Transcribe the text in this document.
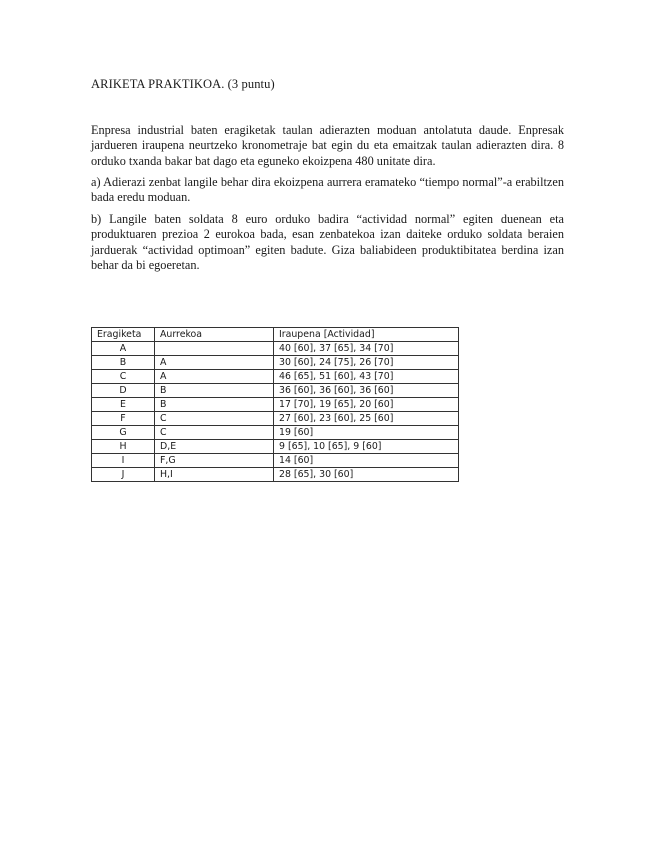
ARIKETA PRAKTIKOA. (3 puntu)

Enpresa industrial baten eragiketak taulan adierazten moduan antolatuta daude. Enpresak jardueren iraupena neurtzeko kronometraje bat egin du eta emaitzak taulan adierazten dira. 8 orduko txanda bakar bat dago eta eguneko ekoizpena 480 unitate dira.

a) Adierazi zenbat langile behar dira ekoizpena aurrera eramateko “tiempo normal”-a erabiltzen bada eredu moduan.

b) Langile baten soldata 8 euro orduko badira “actividad normal” egiten duenean eta produktuaren prezioa 2 eurokoa bada, esan zenbatekoa izan daiteke orduko soldata beraien jarduerak “actividad optimoan” egiten badute. Giza baliabideen produktibitatea berdina izan behar da bi egoeretan.

Eragiketa	Aurrekoa	Iraupena [Actividad]
A		40 [60], 37 [65], 34 [70]
B	A	30 [60], 24 [75], 26 [70]
C	A	46 [65], 51 [60], 43 [70]
D	B	36 [60], 36 [60], 36 [60]
E	B	17 [70], 19 [65], 20 [60]
F	C	27 [60], 23 [60], 25 [60]
G	C	19 [60]
H	D,E	9 [65], 10 [65], 9 [60]
I	F,G	14 [60]
J	H,I	28 [65], 30 [60]
